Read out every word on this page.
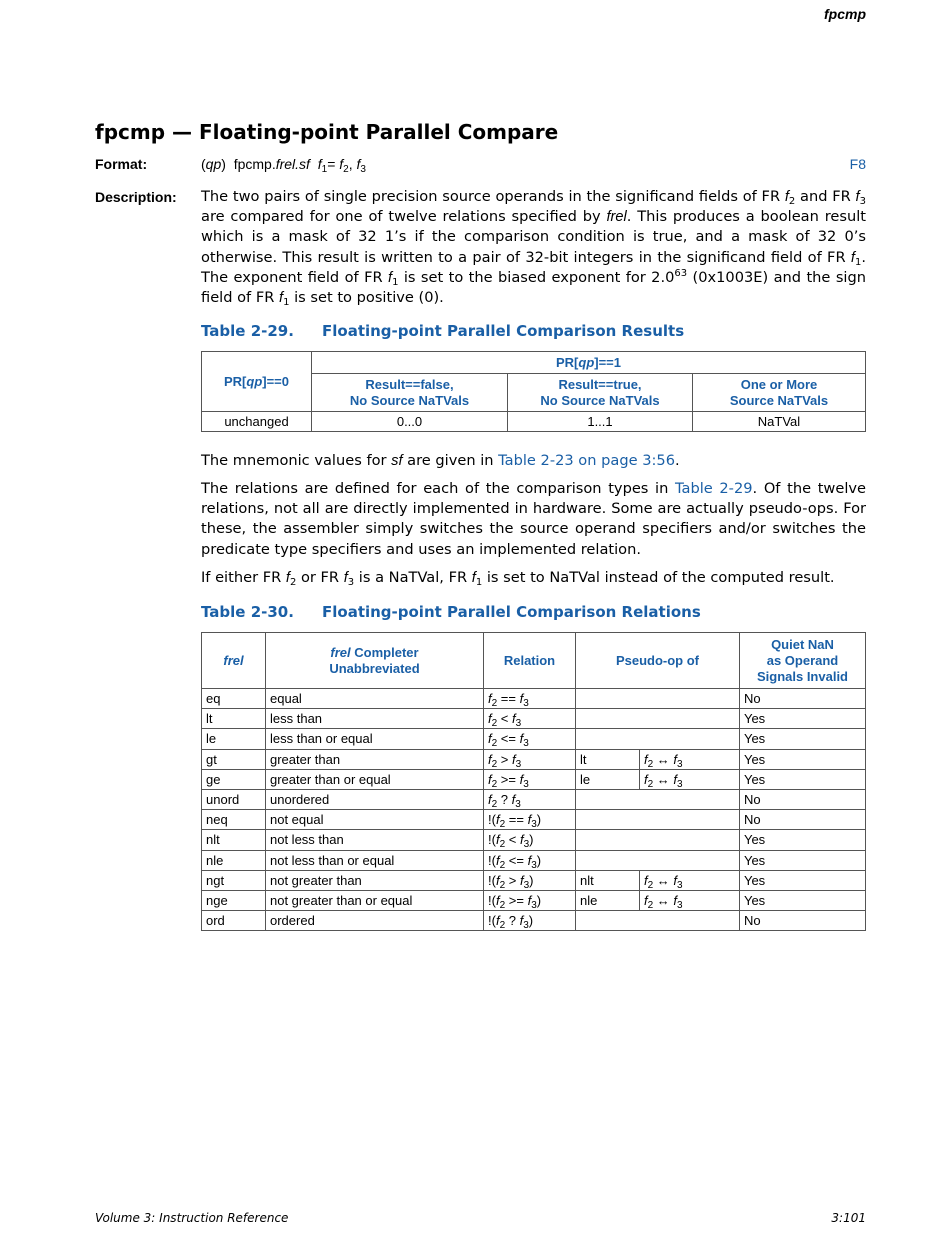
fpcmp
fpcmp — Floating-point Parallel Compare
Format:	(qp)  fpcmp.frel.sf $f_1= f_2$, $f_3$	F8
Description: The two pairs of single precision source operands in the significand fields of FR $f_2$ and FR $f_3$ are compared for one of twelve relations specified by frel. This produces a boolean result which is a mask of 32 1’s if the comparison condition is true, and a mask of 32 0’s otherwise. This result is written to a pair of 32-bit integers in the significand field of FR $f_1$. The exponent field of FR $f_1$ is set to the biased exponent for $2.0^{63}$ (0x1003E) and the sign field of FR $f_1$ is set to positive (0).
Table 2-29. Floating-point Parallel Comparison Results
PR[qp]==0	PR[qp]==1		
	Result==false,
No Source NaTVals	Result==true,
No Source NaTVals	One or More
Source NaTVals
unchanged	0...0	1...1	NaTVal
The mnemonic values for sf are given in Table 2-23 on page 3:56.
The relations are defined for each of the comparison types in Table 2-29. Of the twelve relations, not all are directly implemented in hardware. Some are actually pseudo-ops. For these, the assembler simply switches the source operand specifiers and/or switches the predicate type specifiers and uses an implemented relation.
If either FR $f_2$ or FR $f_3$ is a NaTVal, FR $f_1$ is set to NaTVal instead of the computed result.
Table 2-30. Floating-point Parallel Comparison Relations
frel	frel Completer
Unabbreviated	Relation	Pseudo-op of		Quiet NaN
as Operand
Signals Invalid
eq	equal	$f_2 == f_3$			No
lt	less than	$f_2 < f_3$			Yes
le	less than or equal	$f_2 <= f_3$			Yes
gt	greater than	$f_2 > f_3$	lt	$f_2$ ↔ $f_3$	Yes
ge	greater than or equal	$f_2 >= f_3$	le	$f_2$ ↔ $f_3$	Yes
unord	unordered	$f_2$ ? $f_3$			No
neq	not equal	$!(f_2 == f_3)$			No
nlt	not less than	$!(f_2 < f_3)$			Yes
nle	not less than or equal	$!(f_2 <= f_3)$			Yes
ngt	not greater than	$!(f_2 > f_3)$	nlt	$f_2$ ↔ $f_3$	Yes
nge	not greater than or equal	$!(f_2 >= f_3)$	nle	$f_2$ ↔ $f_3$	Yes
ord	ordered	$!(f_2$ ? $f_3$)			No
Volume 3: Instruction Reference	3:101
